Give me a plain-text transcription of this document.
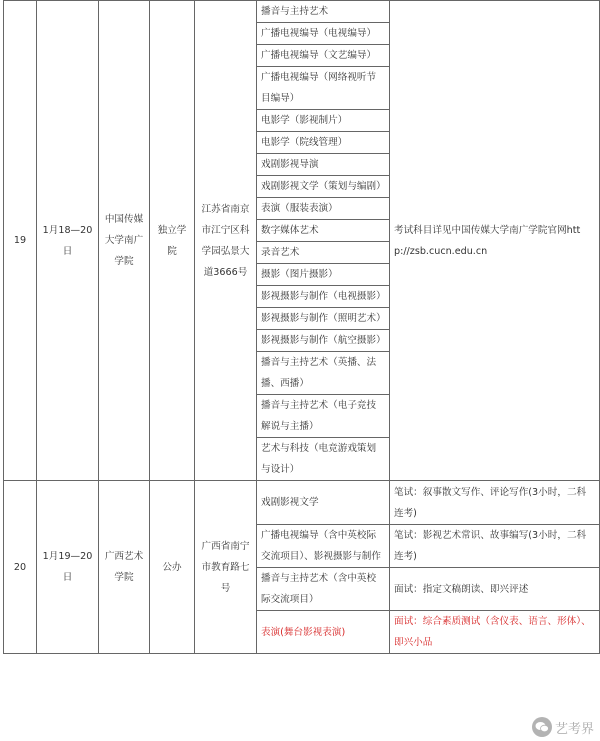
19	1月18—20日	中国传媒大学南广学院	独立学院	江苏省南京市江宁区科学园弘景大道3666号	播音与主持艺术	考试科目详见中国传媒大学南广学院官网http://zsb.cucn.edu.cn
					广播电视编导（电视编导）	
					广播电视编导（文艺编导）	
					广播电视编导（网络视听节目编导）	
					电影学（影视制片）	
					电影学（院线管理）	
					戏剧影视导演	
					戏剧影视文学（策划与编剧）	
					表演（服装表演）	
					数字媒体艺术	
					录音艺术	
					摄影（图片摄影）	
					影视摄影与制作（电视摄影）	
					影视摄影与制作（照明艺术）	
					影视摄影与制作（航空摄影）	
					播音与主持艺术（英播、法播、西播）	
					播音与主持艺术（电子竞技解说与主播）	
					艺术与科技（电竞游戏策划与设计）	
20	1月19—20日	广西艺术学院	公办	广西省南宁市教育路七号	戏剧影视文学	笔试：叙事散文写作、评论写作(3小时，二科连考)
					广播电视编导（含中英校际交流项目）、影视摄影与制作	笔试：影视艺术常识、故事编写(3小时，二科连考)
					播音与主持艺术（含中英校际交流项目）	面试：指定文稿朗读、即兴评述
					表演(舞台影视表演)	面试：综合素质测试（含仪表、语言、形体）、即兴小品
艺考界
